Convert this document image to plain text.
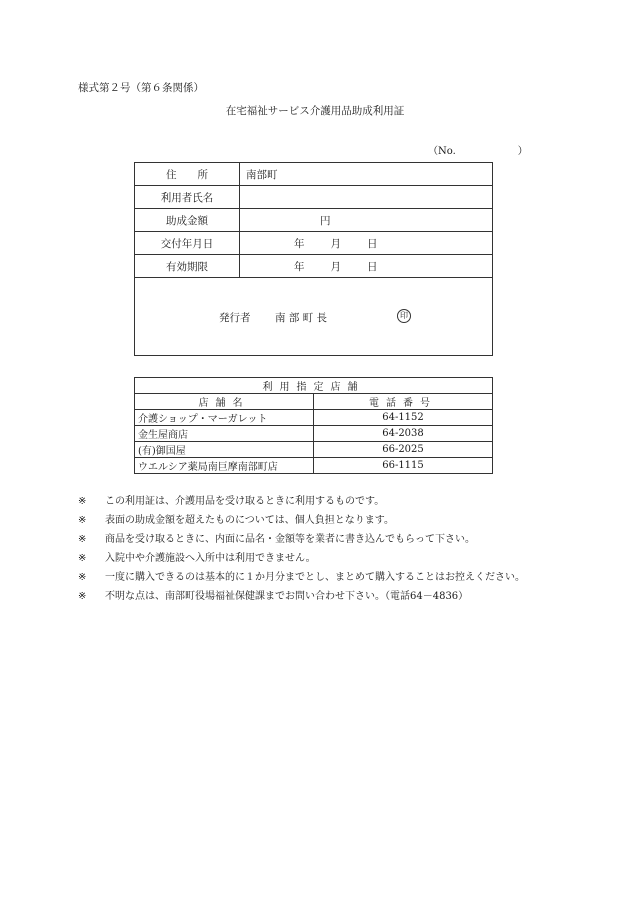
様式第２号（第６条関係）
在宅福祉サービス介護用品助成利用証
（No.	）
住　　所	南部町
利用者氏名	
助成金額	円
交付年月日	年 月 日
有効期限	年 月 日

発行者 南 部 町 長 印	
利用指定店舗	
店舗名	電話番号
介護ショップ・マーガレット	64-1152
金生屋商店	64-2038
(有)御国屋	66-2025
ウエルシア薬局南巨摩南部町店	66-1115
※ この利用証は、介護用品を受け取るときに利用するものです。
※ 表面の助成金額を超えたものについては、個人負担となります。
※ 商品を受け取るときに、内面に品名・金額等を業者に書き込んでもらって下さい。
※ 入院中や介護施設へ入所中は利用できません。
※ 一度に購入できるのは基本的に１か月分までとし、まとめて購入することはお控えください。
※ 不明な点は、南部町役場福祉保健課までお問い合わせ下さい。（電話64－4836）
